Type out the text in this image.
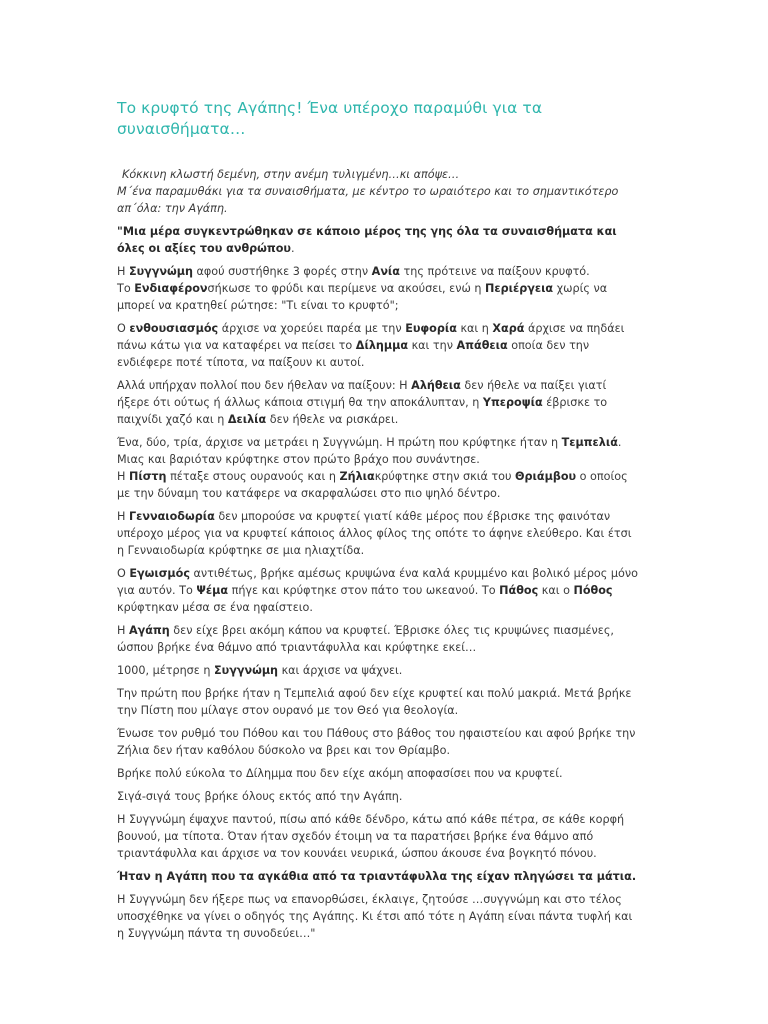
Το κρυφτό της Αγάπης! Ένα υπέροχο παραμύθι για τα συναισθήματα…

Κόκκινη κλωστή δεμένη, στην ανέμη τυλιγμένη…κι απόψε…

Μ΄ένα παραμυθάκι για τα συναισθήματα, με κέντρο το ωραιότερο και το σημαντικότερο απ΄όλα: την Αγάπη.

"Μια μέρα συγκεντρώθηκαν σε κάποιο μέρος της γης όλα τα συναισθήματα και όλες οι αξίες του ανθρώπου.

Η Συγγνώμη αφού συστήθηκε 3 φορές στην Ανία της πρότεινε να παίξουν κρυφτό.
Το Ενδιαφέρονσήκωσε το φρύδι και περίμενε να ακούσει, ενώ η Περιέργεια χωρίς να μπορεί να κρατηθεί ρώτησε: "Τι είναι το κρυφτό";

Ο ενθουσιασμός άρχισε να χορεύει παρέα με την Ευφορία και η Χαρά άρχισε να πηδάει πάνω κάτω για να καταφέρει να πείσει το Δίλημμα και την Απάθεια οποία δεν την ενδιέφερε ποτέ τίποτα, να παίξουν κι αυτοί.

Αλλά υπήρχαν πολλοί που δεν ήθελαν να παίξουν: Η Αλήθεια δεν ήθελε να παίξει γιατί ήξερε ότι ούτως ή άλλως κάποια στιγμή θα την αποκάλυπταν, η Υπεροψία έβρισκε το παιχνίδι χαζό και η Δειλία δεν ήθελε να ρισκάρει.

Ένα, δύο, τρία, άρχισε να μετράει η Συγγνώμη. Η πρώτη που κρύφτηκε ήταν η Τεμπελιά. Μιας και βαριόταν κρύφτηκε στον πρώτο βράχο που συνάντησε.
Η Πίστη πέταξε στους ουρανούς και η Ζήλιακρύφτηκε στην σκιά του Θριάμβου ο οποίος με την δύναμη του κατάφερε να σκαρφαλώσει στο πιο ψηλό δέντρο.

Η Γενναιοδωρία δεν μπορούσε να κρυφτεί γιατί κάθε μέρος που έβρισκε της φαινόταν υπέροχο μέρος για να κρυφτεί κάποιος άλλος φίλος της οπότε το άφηνε ελεύθερο. Και έτσι η Γενναιοδωρία κρύφτηκε σε μια ηλιαχτίδα.

Ο Εγωισμός αντιθέτως, βρήκε αμέσως κρυψώνα ένα καλά κρυμμένο και βολικό μέρος μόνο για αυτόν. Το Ψέμα πήγε και κρύφτηκε στον πάτο του ωκεανού. Το Πάθος και ο Πόθος κρύφτηκαν μέσα σε ένα ηφαίστειο.

Η Αγάπη δεν είχε βρει ακόμη κάπου να κρυφτεί. Έβρισκε όλες τις κρυψώνες πιασμένες, ώσπου βρήκε ένα θάμνο από τριαντάφυλλα και κρύφτηκε εκεί…

1000, μέτρησε η Συγγνώμη και άρχισε να ψάχνει.

Την πρώτη που βρήκε ήταν η Τεμπελιά αφού δεν είχε κρυφτεί και πολύ μακριά. Μετά βρήκε την Πίστη που μίλαγε στον ουρανό με τον Θεό για θεολογία.

Ένωσε τον ρυθμό του Πόθου και του Πάθους στο βάθος του ηφαιστείου και αφού βρήκε την Ζήλια δεν ήταν καθόλου δύσκολο να βρει και τον Θρίαμβο.

Βρήκε πολύ εύκολα το Δίλημμα που δεν είχε ακόμη αποφασίσει που να κρυφτεί.

Σιγά-σιγά τους βρήκε όλους εκτός από την Αγάπη.

Η Συγγνώμη έψαχνε παντού, πίσω από κάθε δένδρο, κάτω από κάθε πέτρα, σε κάθε κορφή βουνού, μα τίποτα. Όταν ήταν σχεδόν έτοιμη να τα παρατήσει βρήκε ένα θάμνο από τριαντάφυλλα και άρχισε να τον κουνάει νευρικά, ώσπου άκουσε ένα βογκητό πόνου.

Ήταν η Αγάπη που τα αγκάθια από τα τριαντάφυλλα της είχαν πληγώσει τα μάτια.

Η Συγγνώμη δεν ήξερε πως να επανορθώσει, έκλαιγε, ζητούσε …συγγνώμη και στο τέλος υποσχέθηκε να γίνει ο οδηγός της Αγάπης. Κι έτσι από τότε η Αγάπη είναι πάντα τυφλή και η Συγγνώμη πάντα τη συνοδεύει…"
